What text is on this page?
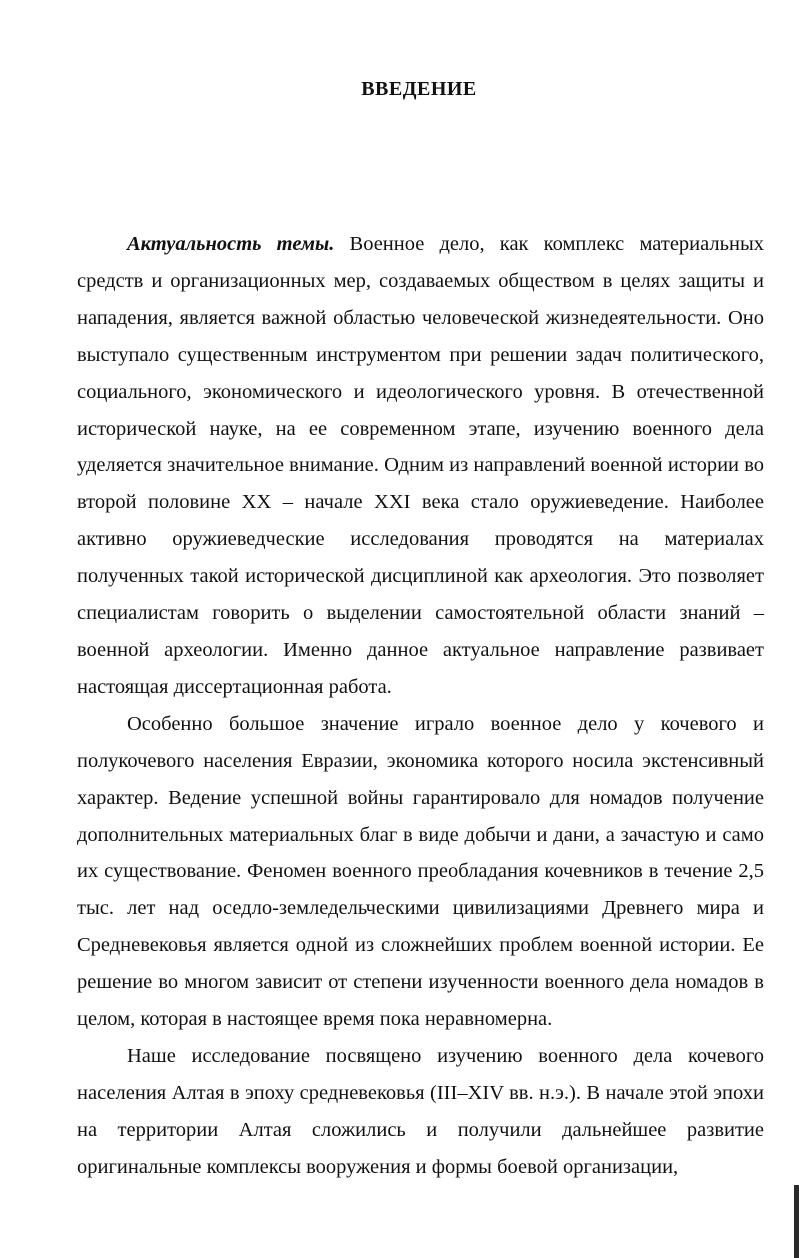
ВВЕДЕНИЕ

Актуальность темы. Военное дело, как комплекс материальных средств и организационных мер, создаваемых обществом в целях защиты и нападения, является важной областью человеческой жизнедеятельности. Оно выступало существенным инструментом при решении задач политического, социального, экономического и идеологического уровня. В отечественной исторической науке, на ее современном этапе, изучению военного дела уделяется значительное внимание. Одним из направлений военной истории во второй половине XX – начале XXI века стало оружиеведение. Наиболее активно оружиеведческие исследования проводятся на материалах полученных такой исторической дисциплиной как археология. Это позволяет специалистам говорить о выделении самостоятельной области знаний – военной археологии. Именно данное актуальное направление развивает настоящая диссертационная работа.

Особенно большое значение играло военное дело у кочевого и полукочевого населения Евразии, экономика которого носила экстенсивный характер. Ведение успешной войны гарантировало для номадов получение дополнительных материальных благ в виде добычи и дани, а зачастую и само их существование. Феномен военного преобладания кочевников в течение 2,5 тыс. лет над оседло-земледельческими цивилизациями Древнего мира и Средневековья является одной из сложнейших проблем военной истории. Ее решение во многом зависит от степени изученности военного дела номадов в целом, которая в настоящее время пока неравномерна.

Наше исследование посвящено изучению военного дела кочевого населения Алтая в эпоху средневековья (III–XIV вв. н.э.). В начале этой эпохи на территории Алтая сложились и получили дальнейшее развитие оригинальные комплексы вооружения и формы боевой организации,
